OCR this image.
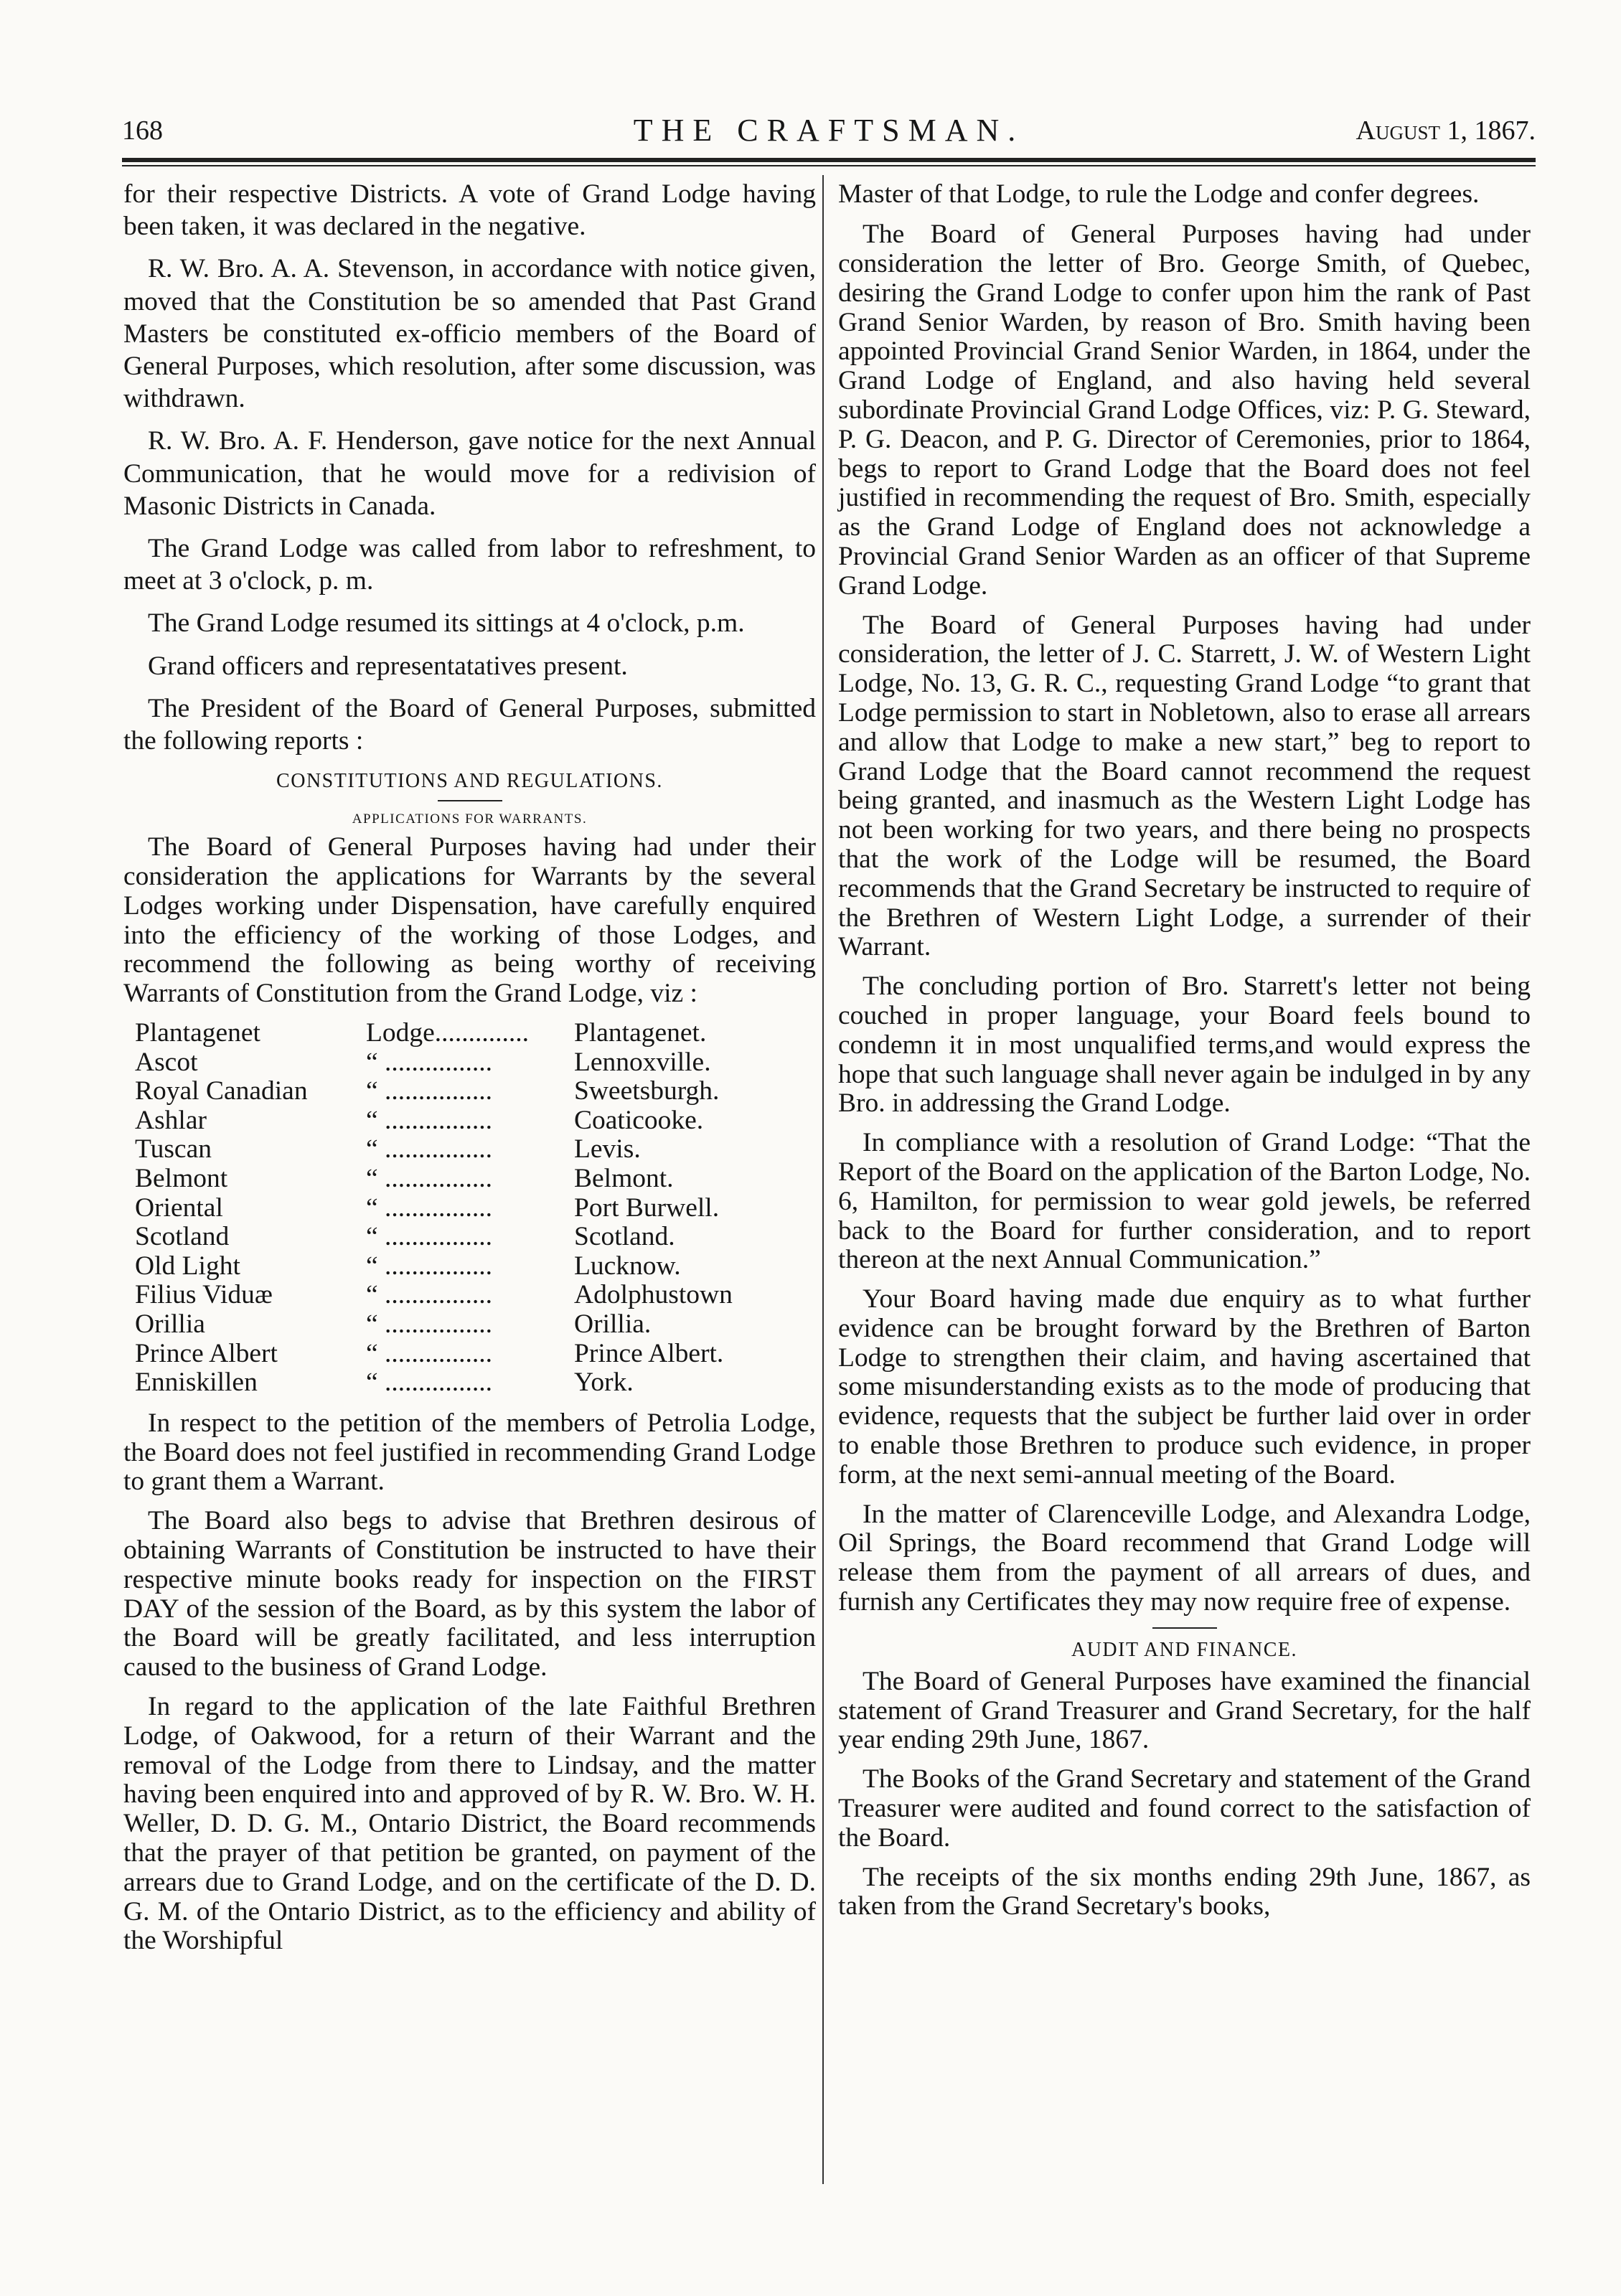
168	THE CRAFTSMAN.	August 1, 1867.

for their respective Districts. A vote of Grand Lodge having been taken, it was declared in the negative.

R. W. Bro. A. A. Stevenson, in accordance with notice given, moved that the Constitution be so amended that Past Grand Masters be constituted ex-officio members of the Board of General Purposes, which resolution, after some discussion, was withdrawn.

R. W. Bro. A. F. Henderson, gave notice for the next Annual Communication, that he would move for a redivision of Masonic Districts in Canada.

The Grand Lodge was called from labor to refreshment, to meet at 3 o'clock, p. m.

The Grand Lodge resumed its sittings at 4 o'clock, p.m.

Grand officers and representatatives present.

The President of the Board of General Purposes, submitted the following reports :

CONSTITUTIONS AND REGULATIONS.
APPLICATIONS FOR WARRANTS.

The Board of General Purposes having had under their consideration the applications for Warrants by the several Lodges working under Dispensation, have carefully enquired into the efficiency of the working of those Lodges, and recommend the following as being worthy of receiving Warrants of Constitution from the Grand Lodge, viz :

Plantagenet	Lodge..............	Plantagenet.
Ascot	“ ................	Lennoxville.
Royal Canadian	“ ................	Sweetsburgh.
Ashlar	“ ................	Coaticooke.
Tuscan	“ ................	Levis.
Belmont	“ ................	Belmont.
Oriental	“ ................	Port Burwell.
Scotland	“ ................	Scotland.
Old Light	“ ................	Lucknow.
Filius Viduæ	“ ................	Adolphustown
Orillia	“ ................	Orillia.
Prince Albert	“ ................	Prince Albert.
Enniskillen	“ ................	York.

In respect to the petition of the members of Petrolia Lodge, the Board does not feel justified in recommending Grand Lodge to grant them a Warrant.

The Board also begs to advise that Brethren desirous of obtaining Warrants of Constitution be instructed to have their respective minute books ready for inspection on the FIRST DAY of the session of the Board, as by this system the labor of the Board will be greatly facilitated, and less interruption caused to the business of Grand Lodge.

In regard to the application of the late Faithful Brethren Lodge, of Oakwood, for a return of their Warrant and the removal of the Lodge from there to Lindsay, and the matter having been enquired into and approved of by R. W. Bro. W. H. Weller, D. D. G. M., Ontario District, the Board recommends that the prayer of that petition be granted, on payment of the arrears due to Grand Lodge, and on the certificate of the D. D. G. M. of the Ontario District, as to the efficiency and ability of the Worshipful

Master of that Lodge, to rule the Lodge and confer degrees.

The Board of General Purposes having had under consideration the letter of Bro. George Smith, of Quebec, desiring the Grand Lodge to confer upon him the rank of Past Grand Senior Warden, by reason of Bro. Smith having been appointed Provincial Grand Senior Warden, in 1864, under the Grand Lodge of England, and also having held several subordinate Provincial Grand Lodge Offices, viz: P. G. Steward, P. G. Deacon, and P. G. Director of Ceremonies, prior to 1864, begs to report to Grand Lodge that the Board does not feel justified in recommending the request of Bro. Smith, especially as the Grand Lodge of England does not acknowledge a Provincial Grand Senior Warden as an officer of that Supreme Grand Lodge.

The Board of General Purposes having had under consideration, the letter of J. C. Starrett, J. W. of Western Light Lodge, No. 13, G. R. C., requesting Grand Lodge “to grant that Lodge permission to start in Nobletown, also to erase all arrears and allow that Lodge to make a new start,” beg to report to Grand Lodge that the Board cannot recommend the request being granted, and inasmuch as the Western Light Lodge has not been working for two years, and there being no prospects that the work of the Lodge will be resumed, the Board recommends that the Grand Secretary be instructed to require of the Brethren of Western Light Lodge, a surrender of their Warrant.

The concluding portion of Bro. Starrett's letter not being couched in proper language, your Board feels bound to condemn it in most unqualified terms,and would express the hope that such language shall never again be indulged in by any Bro. in addressing the Grand Lodge.

In compliance with a resolution of Grand Lodge: “That the Report of the Board on the application of the Barton Lodge, No. 6, Hamilton, for permission to wear gold jewels, be referred back to the Board for further consideration, and to report thereon at the next Annual Communication.”

Your Board having made due enquiry as to what further evidence can be brought forward by the Brethren of Barton Lodge to strengthen their claim, and having ascertained that some misunderstanding exists as to the mode of producing that evidence, requests that the subject be further laid over in order to enable those Brethren to produce such evidence, in proper form, at the next semi-annual meeting of the Board.

In the matter of Clarenceville Lodge, and Alexandra Lodge, Oil Springs, the Board recommend that Grand Lodge will release them from the payment of all arrears of dues, and furnish any Certificates they may now require free of expense.

AUDIT AND FINANCE.

The Board of General Purposes have examined the financial statement of Grand Treasurer and Grand Secretary, for the half year ending 29th June, 1867.

The Books of the Grand Secretary and statement of the Grand Treasurer were audited and found correct to the satisfaction of the Board.

The receipts of the six months ending 29th June, 1867, as taken from the Grand Secretary's books,
